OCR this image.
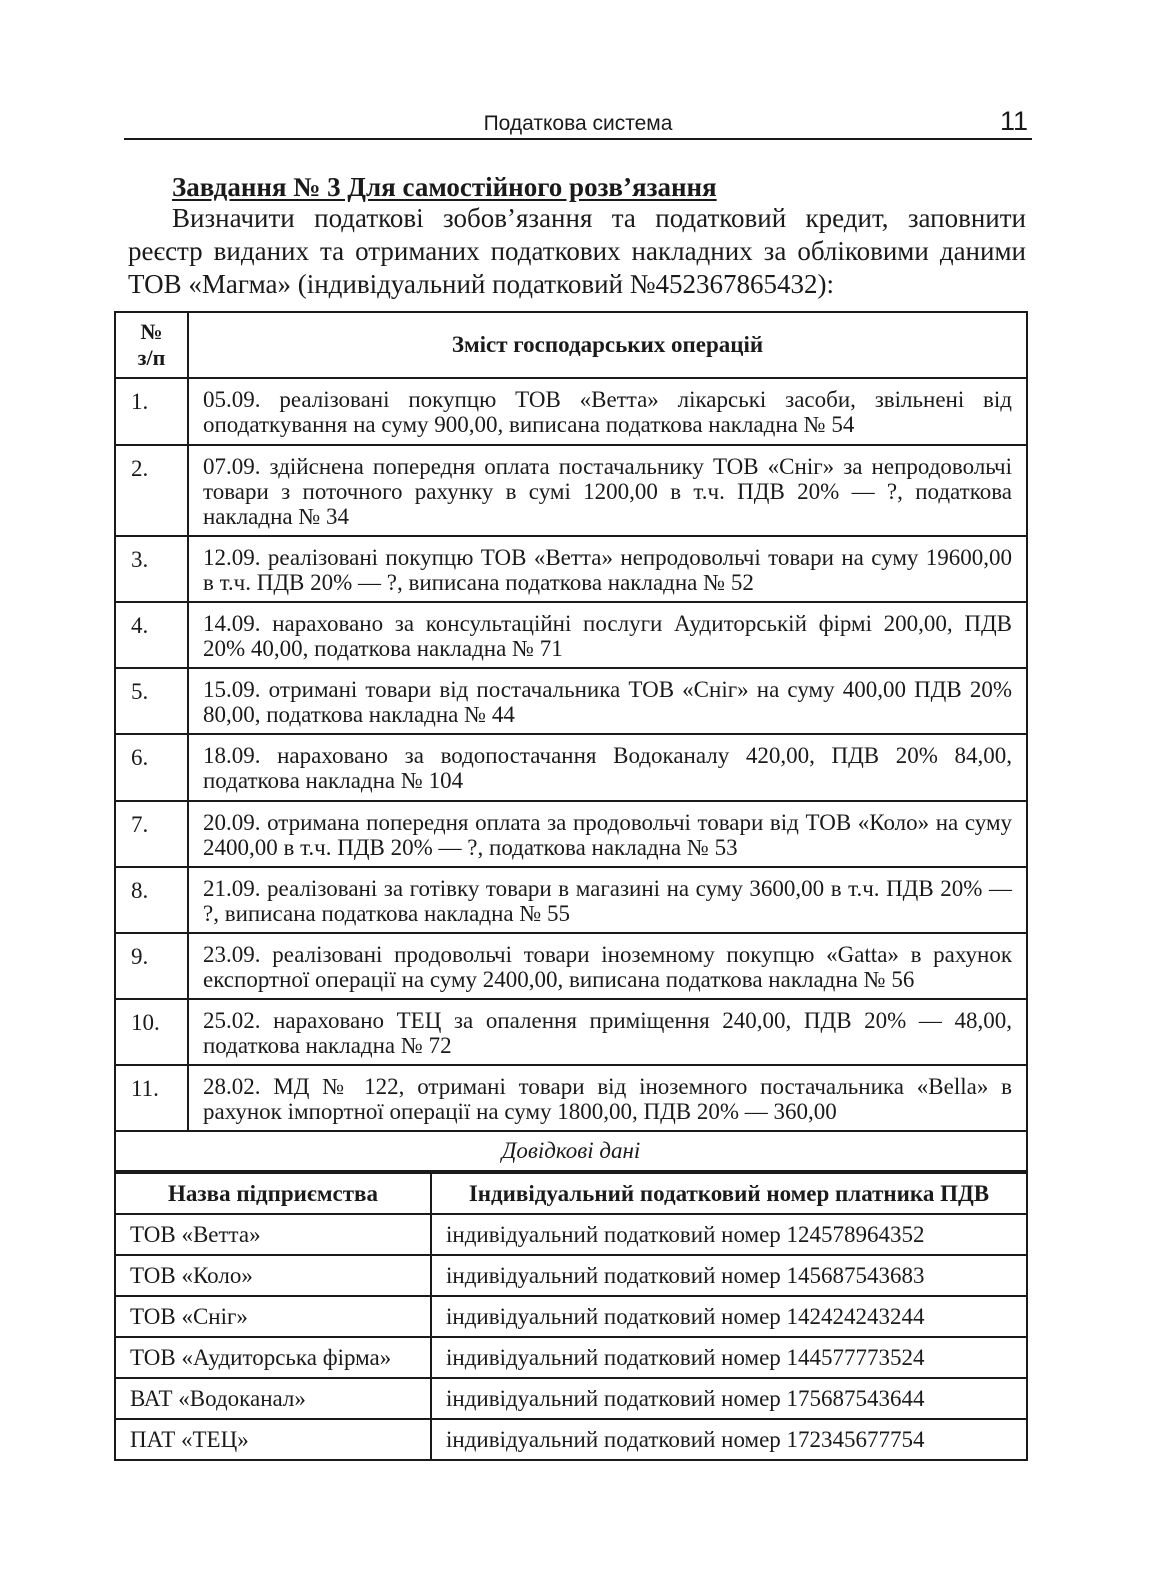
Податкова система	11
Завдання № 3 Для самостійного розв’язання

Визначити податкові зобов’язання та податковий кредит, заповнити реєстр виданих та отриманих податкових накладних за обліковими даними ТОВ «Магма» (індивідуальний податковий №452367865432):

№
з/п	Зміст господарських операцій
1.	05.09. реалізовані покупцю ТОВ «Ветта» лікарські засоби, звільнені від оподаткування на суму 900,00, виписана податкова накладна № 54
2.	07.09. здійснена попередня оплата постачальнику ТОВ «Сніг» за непродовольчі товари з поточного рахунку в сумі 1200,00 в т.ч. ПДВ 20% — ?, податкова накладна № 34
3.	12.09. реалізовані покупцю ТОВ «Ветта» непродовольчі товари на суму 19600,00 в т.ч. ПДВ 20% — ?, виписана податкова накладна № 52
4.	14.09. нараховано за консультаційні послуги Аудиторській фірмі 200,00, ПДВ 20% 40,00, податкова накладна № 71
5.	15.09. отримані товари від постачальника ТОВ «Сніг» на суму 400,00 ПДВ 20% 80,00, податкова накладна № 44
6.	18.09. нараховано за водопостачання Водоканалу 420,00, ПДВ 20% 84,00, податкова накладна № 104
7.	20.09. отримана попередня оплата за продовольчі товари від ТОВ «Коло» на суму 2400,00 в т.ч. ПДВ 20% — ?, податкова накладна № 53
8.	21.09. реалізовані за готівку товари в магазині на суму 3600,00 в т.ч. ПДВ 20% — ?, виписана податкова накладна № 55
9.	23.09. реалізовані продовольчі товари іноземному покупцю «Gatta» в рахунок експортної операції на суму 2400,00, виписана податкова накладна № 56
10.	25.02. нараховано ТЕЦ за опалення приміщення 240,00, ПДВ 20% — 48,00, податкова накладна № 72
11.	28.02. МД № 122, отримані товари від іноземного постачальника «Bella» в рахунок імпортної операції на суму 1800,00, ПДВ 20% — 360,00
Довідкові дані	
Назва підприємства	Індивідуальний податковий номер платника ПДВ
ТОВ «Ветта»	індивідуальний податковий номер 124578964352
ТОВ «Коло»	індивідуальний податковий номер 145687543683
ТОВ «Сніг»	індивідуальний податковий номер 142424243244
ТОВ «Аудиторська фірма»	індивідуальний податковий номер 144577773524
ВАТ «Водоканал»	індивідуальний податковий номер 175687543644
ПАТ «ТЕЦ»	індивідуальний податковий номер 172345677754
